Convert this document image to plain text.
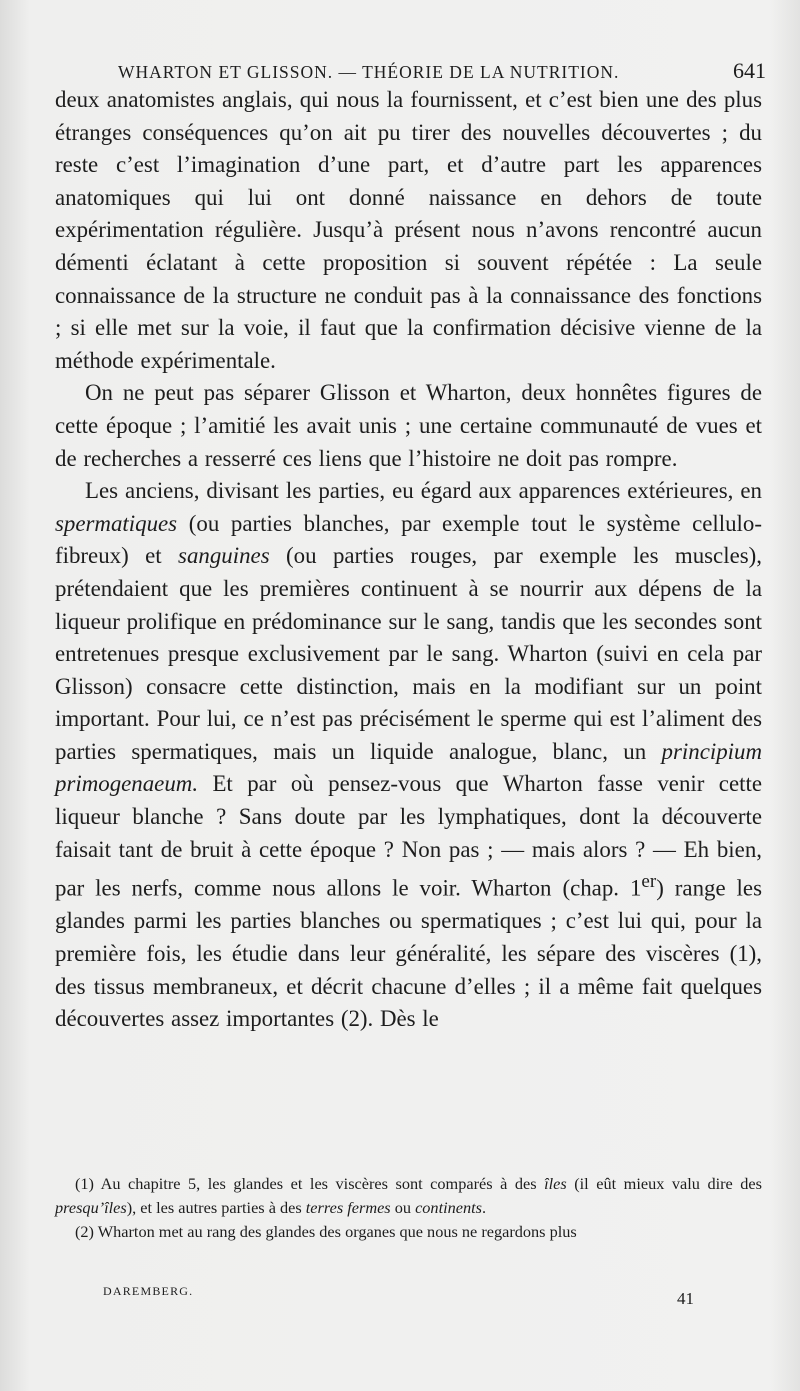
WHARTON ET GLISSON. — THÉORIE DE LA NUTRITION.	641

deux anatomistes anglais, qui nous la fournissent, et c’est bien une des plus étranges conséquences qu’on ait pu tirer des nouvelles découvertes ; du reste c’est l’imagination d’une part, et d’autre part les apparences anatomiques qui lui ont donné naissance en dehors de toute expérimentation régulière. Jusqu’à présent nous n’avons rencontré aucun démenti éclatant à cette proposition si souvent répétée : La seule connaissance de la structure ne conduit pas à la connaissance des fonctions ; si elle met sur la voie, il faut que la confirmation décisive vienne de la méthode expérimentale.

On ne peut pas séparer Glisson et Wharton, deux honnêtes figures de cette époque ; l’amitié les avait unis ; une certaine communauté de vues et de recherches a resserré ces liens que l’histoire ne doit pas rompre.

Les anciens, divisant les parties, eu égard aux apparences extérieures, en spermatiques (ou parties blanches, par exemple tout le système cellulo-fibreux) et sanguines (ou parties rouges, par exemple les muscles), prétendaient que les premières continuent à se nourrir aux dépens de la liqueur prolifique en prédominance sur le sang, tandis que les secondes sont entretenues presque exclusivement par le sang. Wharton (suivi en cela par Glisson) consacre cette distinction, mais en la modifiant sur un point important. Pour lui, ce n’est pas précisément le sperme qui est l’aliment des parties spermatiques, mais un liquide analogue, blanc, un principium primogenaeum. Et par où pensez-vous que Wharton fasse venir cette liqueur blanche ? Sans doute par les lymphatiques, dont la découverte faisait tant de bruit à cette époque ? Non pas ; — mais alors ? — Eh bien, par les nerfs, comme nous allons le voir. Wharton (chap. 1er) range les glandes parmi les parties blanches ou spermatiques ; c’est lui qui, pour la première fois, les étudie dans leur généralité, les sépare des viscères (1), des tissus membraneux, et décrit chacune d’elles ; il a même fait quelques découvertes assez importantes (2). Dès le

(1) Au chapitre 5, les glandes et les viscères sont comparés à des îles (il eût mieux valu dire des presqu’îles), et les autres parties à des terres fermes ou continents.

(2) Wharton met au rang des glandes des organes que nous ne regardons plus

DAREMBERG.	41
